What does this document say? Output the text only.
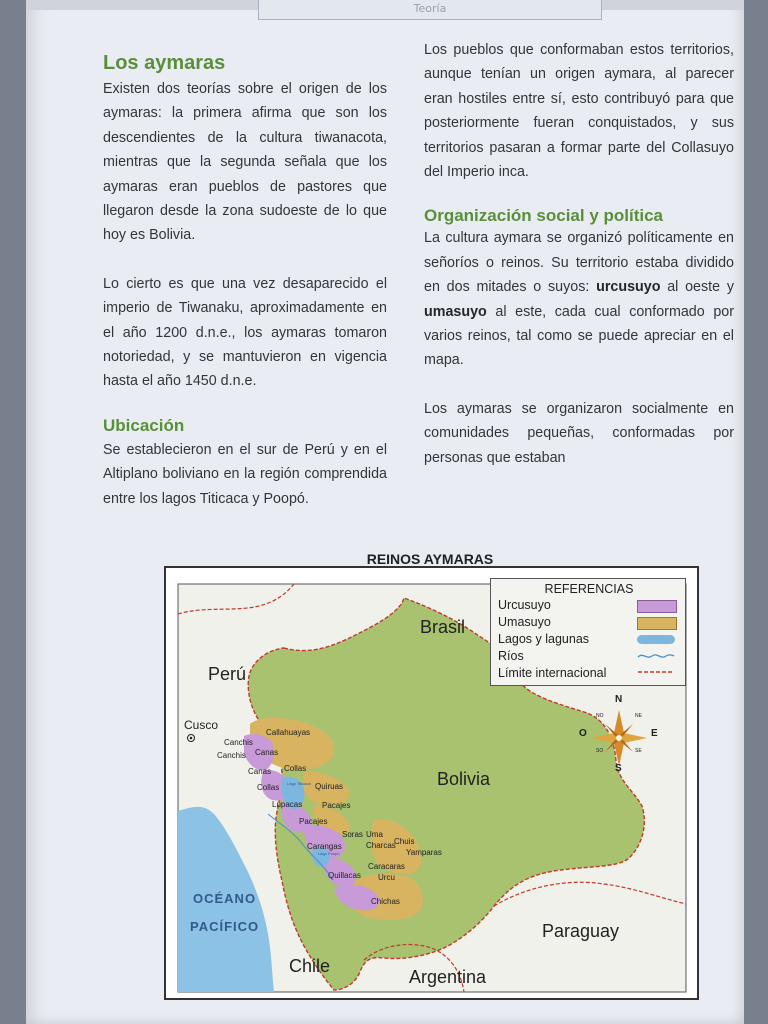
Teoría
Los aymaras

Existen dos teorías sobre el origen de los aymaras: la primera afirma que son los descendientes de la cultura tiwanacota, mientras que la segunda señala que los aymaras eran pueblos de pastores que llegaron desde la zona sudoeste de lo que hoy es Bolivia.

Lo cierto es que una vez desaparecido el imperio de Tiwanaku, aproximadamente en el año 1200 d.n.e., los aymaras tomaron notoriedad, y se mantuvieron en vigencia hasta el año 1450 d.n.e.

Ubicación

Se establecieron en el sur de Perú y en el Altiplano boliviano en la región comprendida entre los lagos Titicaca y Poopó.

Los pueblos que conformaban estos territorios, aunque tenían un origen aymara, al parecer eran hostiles entre sí, esto contribuyó para que posteriormente fueran conquistados, y sus territorios pasaran a formar parte del Collasuyo del Imperio inca.

Organización social y política

La cultura aymara se organizó políticamente en señoríos o reinos. Su territorio estaba dividido en dos mitades o suyos: urcusuyo al oeste y umasuyo al este, cada cual conformado por varios reinos, tal como se puede apreciar en el mapa.

Los aymaras se organizaron socialmente en comunidades pequeñas, conformadas por personas que estaban

REINOS AYMARAS
REFERENCIAS
Urcusuyo
Umasuyo
Lagos y lagunas
Ríos
Límite internacional
Brasil
Perú
Bolivia
Paraguay
Chile
Argentina
OCÉANO
PACÍFICO
Cusco
N
S
E
O
NE
NO
SE
SO
Callahuayas
Canchis
Canas
Canchis
Canas Collas
Collas	Quiruas
Lupacas Pacajes
Pacajes
Soras Uma
Carangas	Charcas
Chuis
Yamparas
Quillacas
Caracaras
Urcu
Chichas
Lago Titicaca
Lago Poopó
